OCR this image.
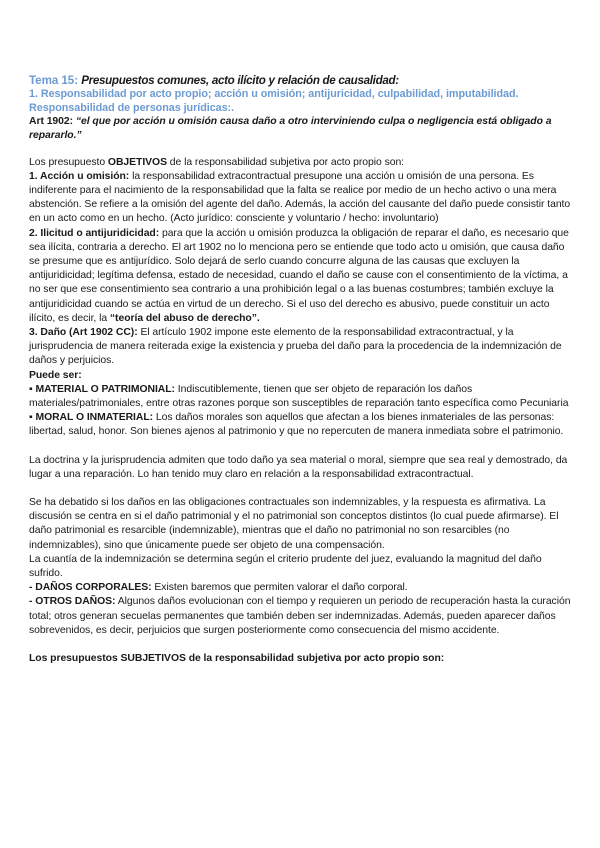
Tema 15: Presupuestos comunes, acto ilícito y relación de causalidad:

1. Responsabilidad por acto propio; acción u omisión; antijuricidad, culpabilidad, imputabilidad.
Responsabilidad de personas jurídicas:.

Art 1902: “el que por acción u omisión causa daño a otro interviniendo culpa o negligencia está obligado a repararlo.”

Los presupuesto OBJETIVOS de la responsabilidad subjetiva por acto propio son:

1. Acción u omisión: la responsabilidad extracontractual presupone una acción u omisión de una persona. Es indiferente para el nacimiento de la responsabilidad que la falta se realice por medio de un hecho activo o una mera abstención. Se refiere a la omisión del agente del daño. Además, la acción del causante del daño puede consistir tanto en un acto como en un hecho. (Acto jurídico: consciente y voluntario / hecho: involuntario)

2. Ilicitud o antijuridicidad: para que la acción u omisión produzca la obligación de reparar el daño, es necesario que sea ilícita, contraria a derecho. El art 1902 no lo menciona pero se entiende que todo acto u omisión, que causa daño se presume que es antijurídico. Solo dejará de serlo cuando concurre alguna de las causas que excluyen la antijuridicidad; legítima defensa, estado de necesidad, cuando el daño se cause con el consentimiento de la víctima, a no ser que ese consentimiento sea contrario a una prohibición legal o a las buenas costumbres; también excluye la antijuridicidad cuando se actúa en virtud de un derecho. Si el uso del derecho es abusivo, puede constituir un acto ilícito, es decir, la “teoría del abuso de derecho”.

3. Daño (Art 1902 CC): El artículo 1902 impone este elemento de la responsabilidad extracontractual, y la jurisprudencia de manera reiterada exige la existencia y prueba del daño para la procedencia de la indemnización de daños y perjuicios.

Puede ser:

▪ MATERIAL O PATRIMONIAL: Indiscutiblemente, tienen que ser objeto de reparación los daños materiales/patrimoniales, entre otras razones porque son susceptibles de reparación tanto específica como Pecuniaria

▪ MORAL O INMATERIAL: Los daños morales son aquellos que afectan a los bienes inmateriales de las personas: libertad, salud, honor. Son bienes ajenos al patrimonio y que no repercuten de manera inmediata sobre el patrimonio.

La doctrina y la jurisprudencia admiten que todo daño ya sea material o moral, siempre que sea real y demostrado, da lugar a una reparación. Lo han tenido muy claro en relación a la responsabilidad extracontractual.

Se ha debatido si los daños en las obligaciones contractuales son indemnizables, y la respuesta es afirmativa. La discusión se centra en si el daño patrimonial y el no patrimonial son conceptos distintos (lo cual puede afirmarse). El daño patrimonial es resarcible (indemnizable), mientras que el daño no patrimonial no son resarcibles (no indemnizables), sino que únicamente puede ser objeto de una compensación.

La cuantía de la indemnización se determina según el criterio prudente del juez, evaluando la magnitud del daño sufrido.

- DAÑOS CORPORALES: Existen baremos que permiten valorar el daño corporal.

- OTROS DAÑOS: Algunos daños evolucionan con el tiempo y requieren un periodo de recuperación hasta la curación total; otros generan secuelas permanentes que también deben ser indemnizadas. Además, pueden aparecer daños sobrevenidos, es decir, perjuicios que surgen posteriormente como consecuencia del mismo accidente.

Los presupuestos SUBJETIVOS de la responsabilidad subjetiva por acto propio son:
